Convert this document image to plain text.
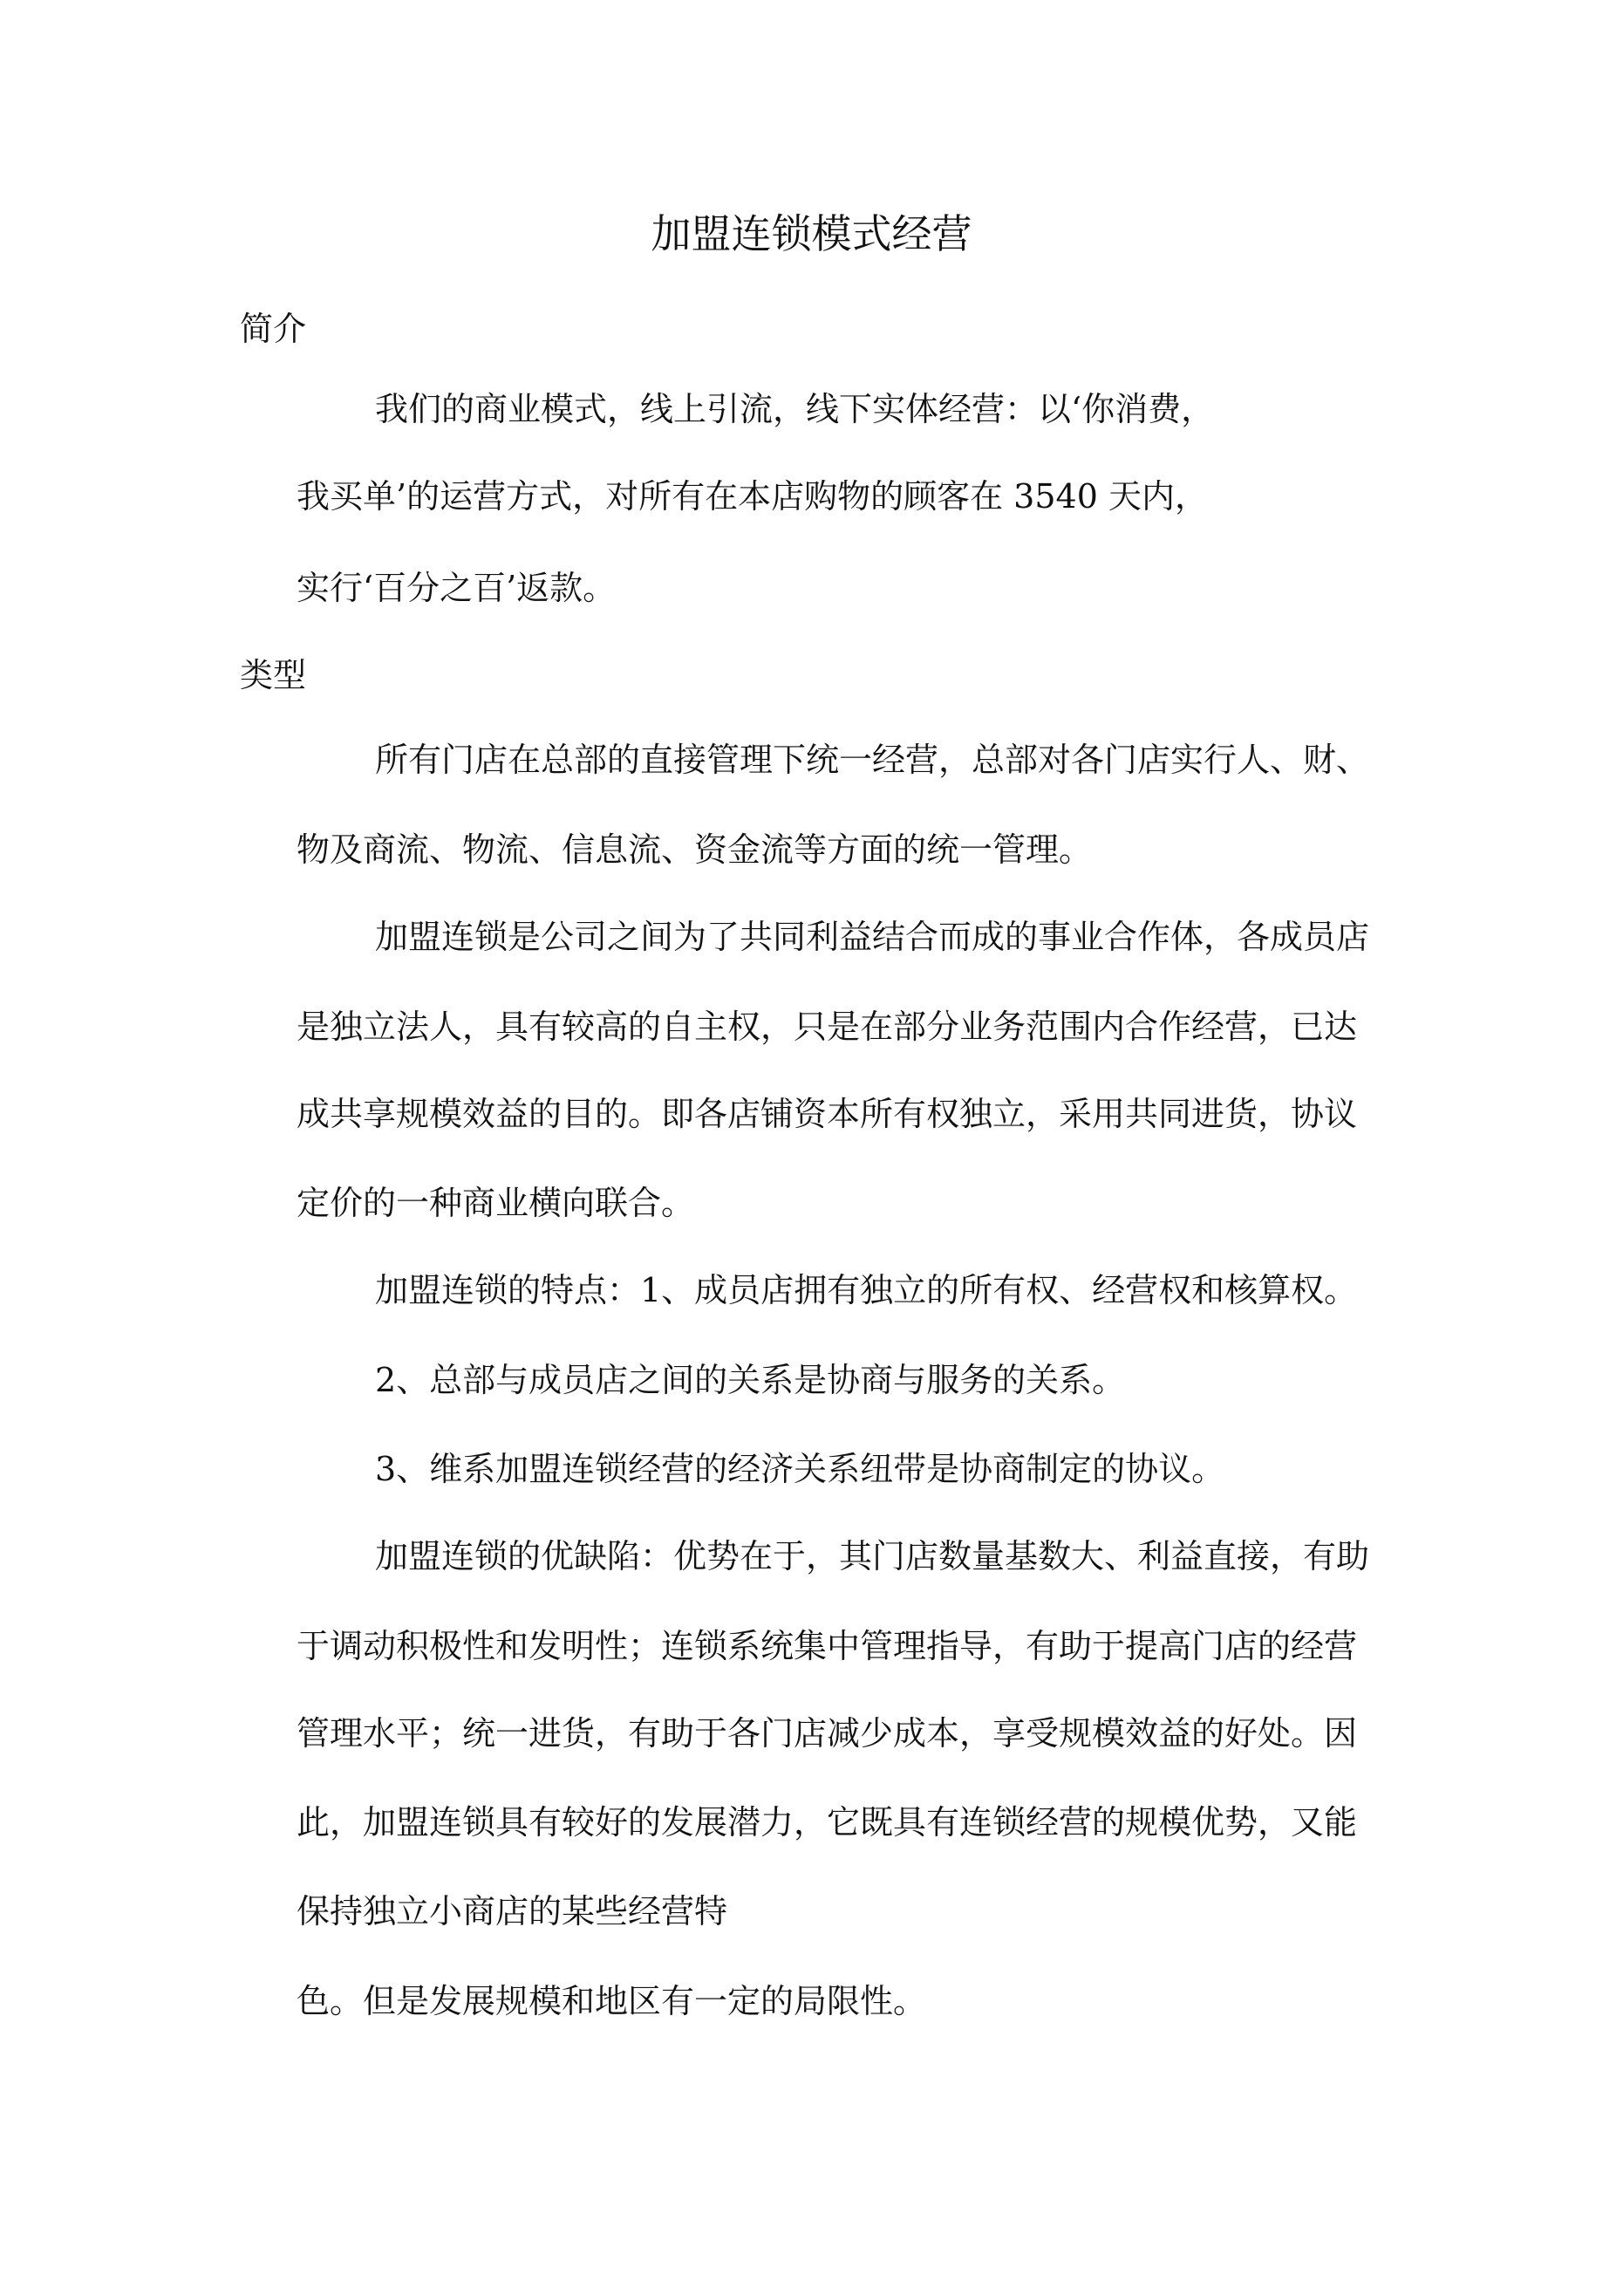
加盟连锁模式经营
简介
我们的商业模式，线上引流，线下实体经营：以‘你消费，
我买单’的运营方式，对所有在本店购物的顾客在 3540 天内，
实行‘百分之百’返款。
类型
所有门店在总部的直接管理下统一经营，总部对各门店实行人、财、
物及商流、物流、信息流、资金流等方面的统一管理。
加盟连锁是公司之间为了共同利益结合而成的事业合作体，各成员店
是独立法人，具有较高的自主权，只是在部分业务范围内合作经营，已达
成共享规模效益的目的。即各店铺资本所有权独立，采用共同进货，协议
定价的一种商业横向联合。
加盟连锁的特点：1、成员店拥有独立的所有权、经营权和核算权。
2、总部与成员店之间的关系是协商与服务的关系。
3、维系加盟连锁经营的经济关系纽带是协商制定的协议。
加盟连锁的优缺陷：优势在于，其门店数量基数大、利益直接，有助
于调动积极性和发明性；连锁系统集中管理指导，有助于提高门店的经营
管理水平；统一进货，有助于各门店减少成本，享受规模效益的好处。因
此，加盟连锁具有较好的发展潜力，它既具有连锁经营的规模优势，又能
保持独立小商店的某些经营特
色。但是发展规模和地区有一定的局限性。
